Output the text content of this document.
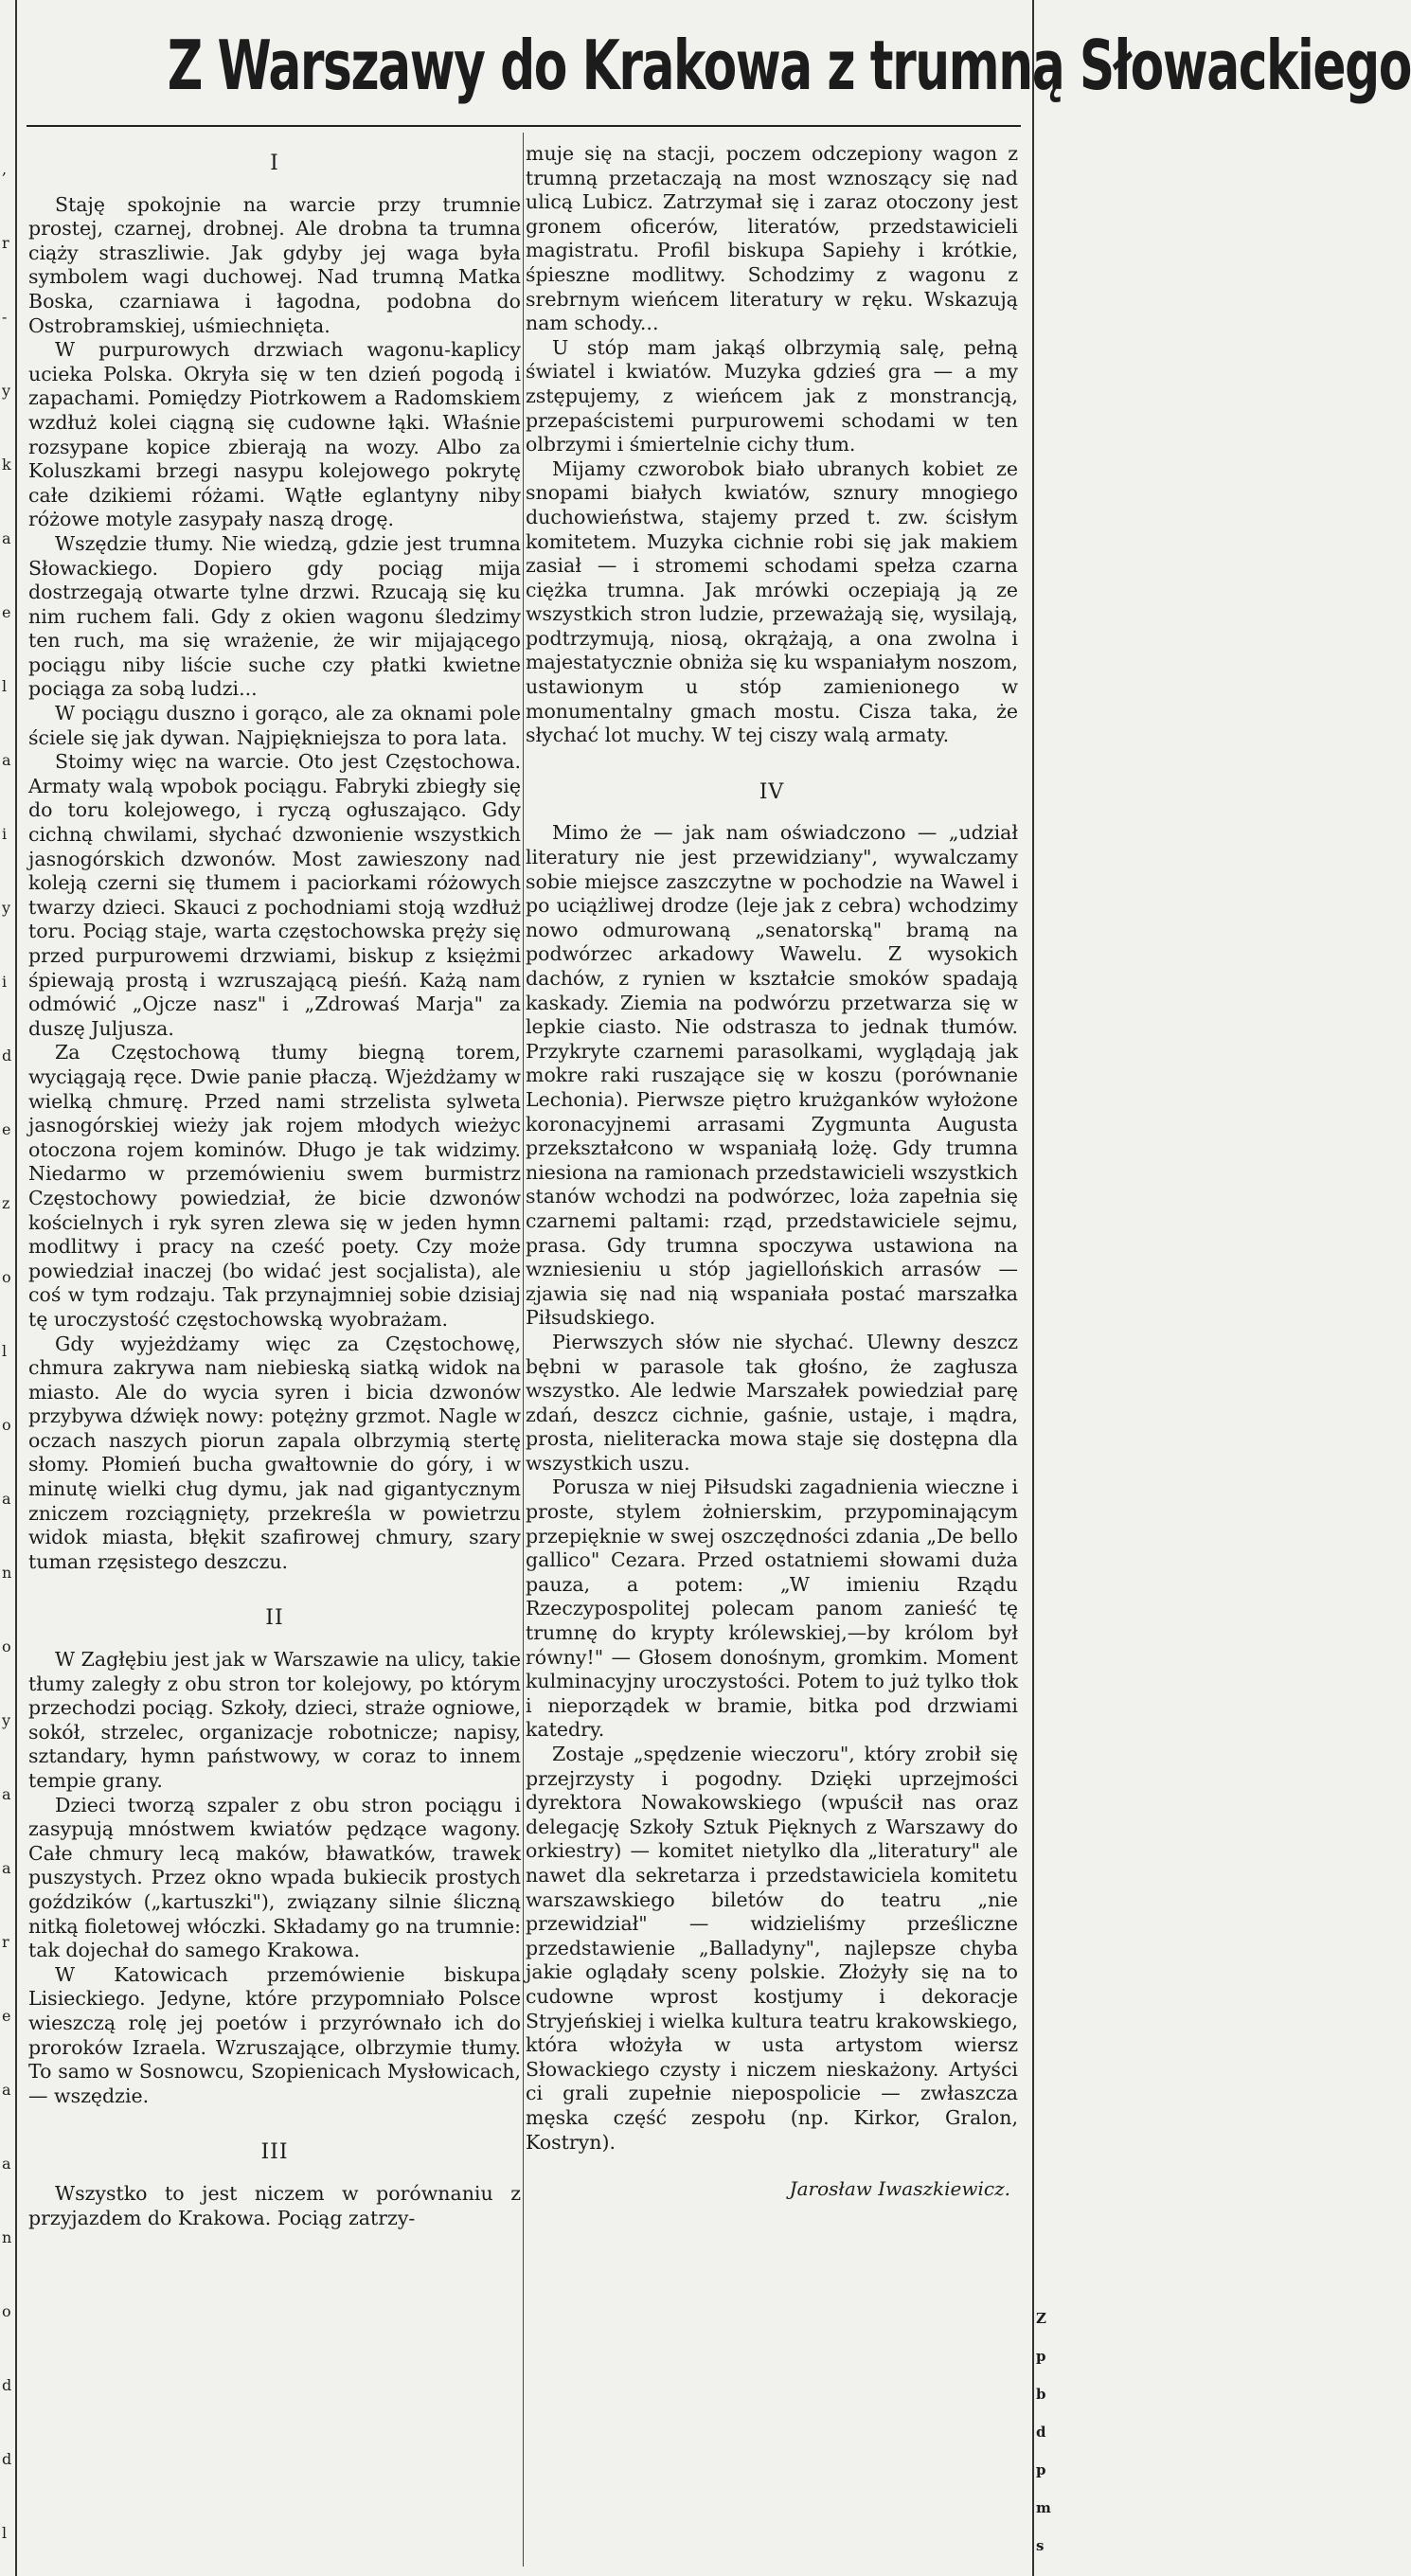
,
r
-
y
k
a
e
l
a
i
y
i
d
e
z
o
l
o
a
n
o
y
a
a
r
e
a
a
n
o
d
d
l
Z
p
b
d
p
m
s
Z Warszawy do Krakowa z trumną Słowackiego
I

Staję spokojnie na warcie przy trumnie prostej, czarnej, drobnej. Ale drobna ta trumna ciąży straszliwie. Jak gdyby jej waga była symbolem wagi duchowej. Nad trumną Matka Boska, czarniawa i łagodna, podobna do Ostrobramskiej, uśmiechnięta.

W purpurowych drzwiach wagonu-kaplicy ucieka Polska. Okryła się w ten dzień pogodą i zapachami. Pomiędzy Piotrkowem a Radomskiem wzdłuż kolei ciągną się cudowne łąki. Właśnie rozsypane kopice zbierają na wozy. Albo za Koluszkami brzegi nasypu kolejowego pokrytę całe dzikiemi różami. Wątłe eglantyny niby różowe motyle zasypały naszą drogę.

Wszędzie tłumy. Nie wiedzą, gdzie jest trumna Słowackiego. Dopiero gdy pociąg mija dostrzegają otwarte tylne drzwi. Rzucają się ku nim ruchem fali. Gdy z okien wagonu śledzimy ten ruch, ma się wrażenie, że wir mijającego pociągu niby liście suche czy płatki kwietne pociąga za sobą ludzi...

W pociągu duszno i gorąco, ale za oknami pole ściele się jak dywan. Najpiękniejsza to pora lata.

Stoimy więc na warcie. Oto jest Częstochowa. Armaty walą wpobok pociągu. Fabryki zbiegły się do toru kolejowego, i ryczą ogłuszająco. Gdy cichną chwilami, słychać dzwonienie wszystkich jasnogórskich dzwonów. Most zawieszony nad koleją czerni się tłumem i paciorkami różowych twarzy dzieci. Skauci z pochodniami stoją wzdłuż toru. Pociąg staje, warta częstochowska pręży się przed purpurowemi drzwiami, biskup z księżmi śpiewają prostą i wzruszającą pieśń. Każą nam odmówić „Ojcze nasz" i „Zdrowaś Marja" za duszę Juljusza.

Za Częstochową tłumy biegną torem, wyciągają ręce. Dwie panie płaczą. Wjeżdżamy w wielką chmurę. Przed nami strzelista sylweta jasnogórskiej wieży jak rojem młodych wieżyc otoczona rojem kominów. Długo je tak widzimy. Niedarmo w przemówieniu swem burmistrz Częstochowy powiedział, że bicie dzwonów kościelnych i ryk syren zlewa się w jeden hymn modlitwy i pracy na cześć poety. Czy może powiedział inaczej (bo widać jest socjalista), ale coś w tym rodzaju. Tak przynajmniej sobie dzisiaj tę uroczystość częstochowską wyobrażam.

Gdy wyjeżdżamy więc za Częstochowę, chmura zakrywa nam niebieską siatką widok na miasto. Ale do wycia syren i bicia dzwonów przybywa dźwięk nowy: potężny grzmot. Nagle w oczach naszych piorun zapala olbrzymią stertę słomy. Płomień bucha gwałtownie do góry, i w minutę wielki cług dymu, jak nad gigantycznym zniczem rozciągnięty, przekreśla w powietrzu widok miasta, błękit szafirowej chmury, szary tuman rzęsistego deszczu.

II

W Zagłębiu jest jak w Warszawie na ulicy, takie tłumy zaległy z obu stron tor kolejowy, po którym przechodzi pociąg. Szkoły, dzieci, straże ogniowe, sokół, strzelec, organizacje robotnicze; napisy, sztandary, hymn państwowy, w coraz to innem tempie grany.

Dzieci tworzą szpaler z obu stron pociągu i zasypują mnóstwem kwiatów pędzące wagony. Całe chmury lecą maków, bławatków, trawek puszystych. Przez okno wpada bukiecik prostych goździków („kartuszki"), związany silnie śliczną nitką fioletowej włóczki. Składamy go na trumnie: tak dojechał do samego Krakowa.

W Katowicach przemówienie biskupa Lisieckiego. Jedyne, które przypomniało Polsce wieszczą rolę jej poetów i przyrównało ich do proroków Izraela. Wzruszające, olbrzymie tłumy. To samo w Sosnowcu, Szopienicach Mysłowicach, — wszędzie.

III

Wszystko to jest niczem w porównaniu z przyjazdem do Krakowa. Pociąg zatrzy-

muje się na stacji, poczem odczepiony wagon z trumną przetaczają na most wznoszący się nad ulicą Lubicz. Zatrzymał się i zaraz otoczony jest gronem oficerów, literatów, przedstawicieli magistratu. Profil biskupa Sapiehy i krótkie, śpieszne modlitwy. Schodzimy z wagonu z srebrnym wieńcem literatury w ręku. Wskazują nam schody...

U stóp mam jakąś olbrzymią salę, pełną światel i kwiatów. Muzyka gdzieś gra — a my zstępujemy, z wieńcem jak z monstrancją, przepaścistemi purpurowemi schodami w ten olbrzymi i śmiertelnie cichy tłum.

Mijamy czworobok biało ubranych kobiet ze snopami białych kwiatów, sznury mnogiego duchowieństwa, stajemy przed t. zw. ścisłym komitetem. Muzyka cichnie robi się jak makiem zasiał — i stromemi schodami spełza czarna ciężka trumna. Jak mrówki oczepiają ją ze wszystkich stron ludzie, przeważają się, wysilają, podtrzymują, niosą, okrążają, a ona zwolna i majestatycznie obniża się ku wspaniałym noszom, ustawionym u stóp zamienionego w monumentalny gmach mostu. Cisza taka, że słychać lot muchy. W tej ciszy walą armaty.

IV

Mimo że — jak nam oświadczono — „udział literatury nie jest przewidziany", wywalczamy sobie miejsce zaszczytne w pochodzie na Wawel i po uciążliwej drodze (leje jak z cebra) wchodzimy nowo odmurowaną „senatorską" bramą na podwórzec arkadowy Wawelu. Z wysokich dachów, z rynien w kształcie smoków spadają kaskady. Ziemia na podwórzu przetwarza się w lepkie ciasto. Nie odstrasza to jednak tłumów. Przykryte czarnemi parasolkami, wyglądają jak mokre raki ruszające się w koszu (porównanie Lechonia). Pierwsze piętro krużganków wyłożone koronacyjnemi arrasami Zygmunta Augusta przekształcono w wspaniałą lożę. Gdy trumna niesiona na ramionach przedstawicieli wszystkich stanów wchodzi na podwórzec, loża zapełnia się czarnemi paltami: rząd, przedstawiciele sejmu, prasa. Gdy trumna spoczywa ustawiona na wzniesieniu u stóp jagiellońskich arrasów — zjawia się nad nią wspaniała postać marszałka Piłsudskiego.

Pierwszych słów nie słychać. Ulewny deszcz bębni w parasole tak głośno, że zagłusza wszystko. Ale ledwie Marszałek powiedział parę zdań, deszcz cichnie, gaśnie, ustaje, i mądra, prosta, nieliteracka mowa staje się dostępna dla wszystkich uszu.

Porusza w niej Piłsudski zagadnienia wieczne i proste, stylem żołnierskim, przypominającym przepięknie w swej oszczędności zdania „De bello gallico" Cezara. Przed ostatniemi słowami duża pauza, a potem: „W imieniu Rządu Rzeczypospolitej polecam panom zanieść tę trumnę do krypty królewskiej,—by królom był równy!" — Głosem donośnym, gromkim. Moment kulminacyjny uroczystości. Potem to już tylko tłok i nieporządek w bramie, bitka pod drzwiami katedry.

Zostaje „spędzenie wieczoru", który zrobił się przejrzysty i pogodny. Dzięki uprzejmości dyrektora Nowakowskiego (wpuścił nas oraz delegację Szkoły Sztuk Pięknych z Warszawy do orkiestry) — komitet nietylko dla „literatury" ale nawet dla sekretarza i przedstawiciela komitetu warszawskiego biletów do teatru „nie przewidział" — widzieliśmy prześliczne przedstawienie „Balladyny", najlepsze chyba jakie oglądały sceny polskie. Złożyły się na to cudowne wprost kostjumy i dekoracje Stryjeńskiej i wielka kultura teatru krakowskiego, która włożyła w usta artystom wiersz Słowackiego czysty i niczem nieskażony. Artyści ci grali zupełnie niepospolicie — zwłaszcza męska część zespołu (np. Kirkor, Gralon, Kostryn).

Jarosław Iwaszkiewicz.
